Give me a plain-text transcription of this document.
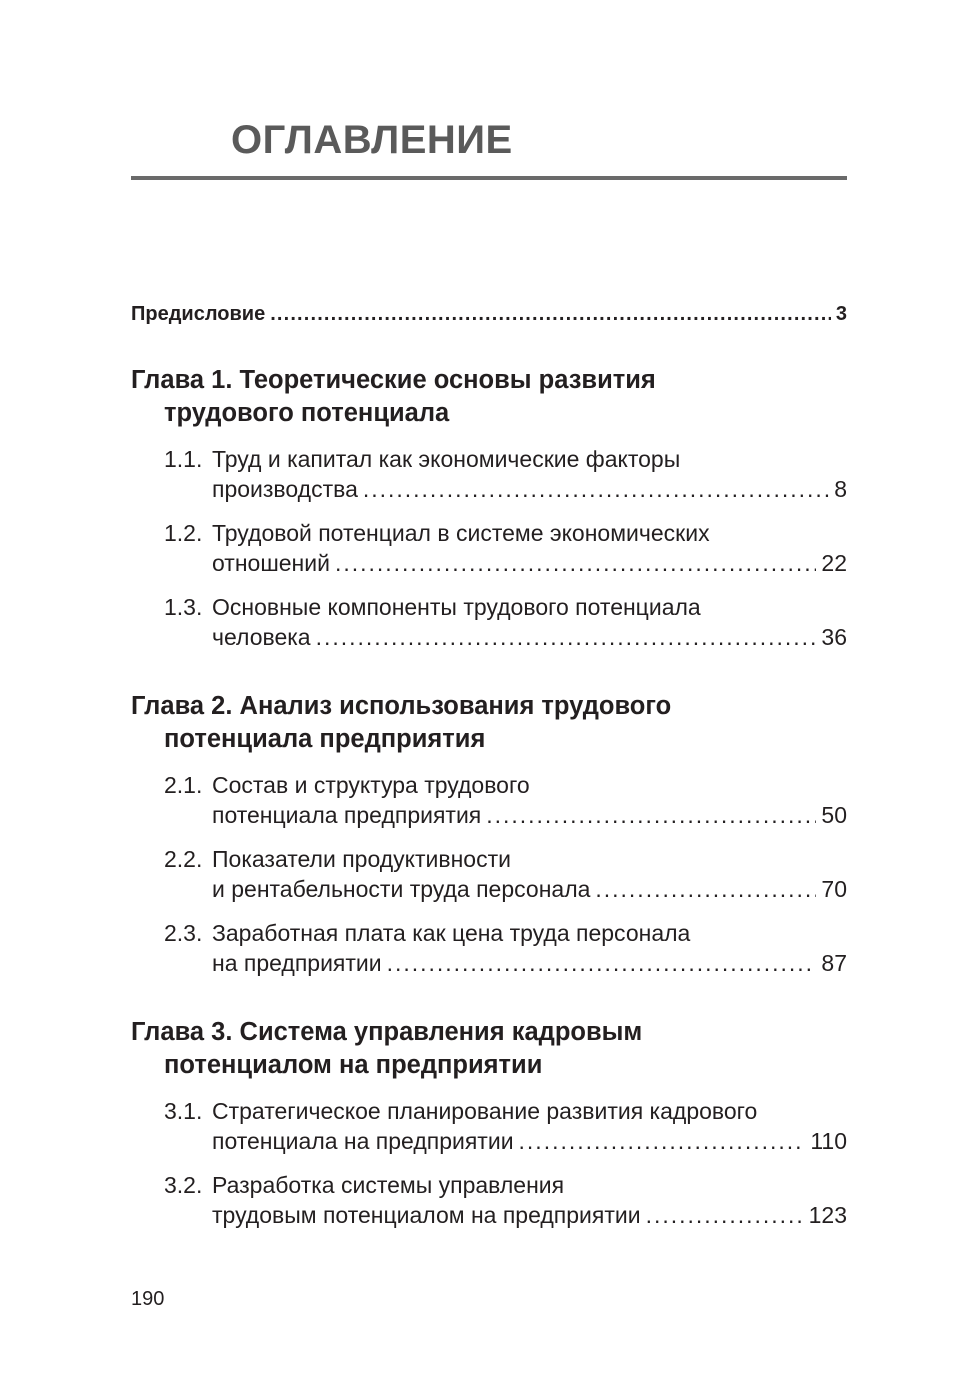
ОГЛАВЛЕНИЕ
Предисловие . . .	3
Глава 1. Теоретические основы развития
трудового потенциала
1.1. Труд и капитал как экономические факторы
производства . . .	8
1.2. Трудовой потенциал в системе экономических
отношений . . .	22
1.3. Основные компоненты трудового потенциала
человека . . .	36
Глава 2. Анализ использования трудового
потенциала предприятия
2.1. Состав и структура трудового
потенциала предприятия . . .	50
2.2. Показатели продуктивности
и рентабельности труда персонала . . .	70
2.3. Заработная плата как цена труда персонала
на предприятии . . .	87
Глава 3. Система управления кадровым
потенциалом на предприятии
3.1. Стратегическое планирование развития кадрового
потенциала на предприятии . . .	110
3.2. Разработка системы управления
трудовым потенциалом на предприятии . . .	123
190
